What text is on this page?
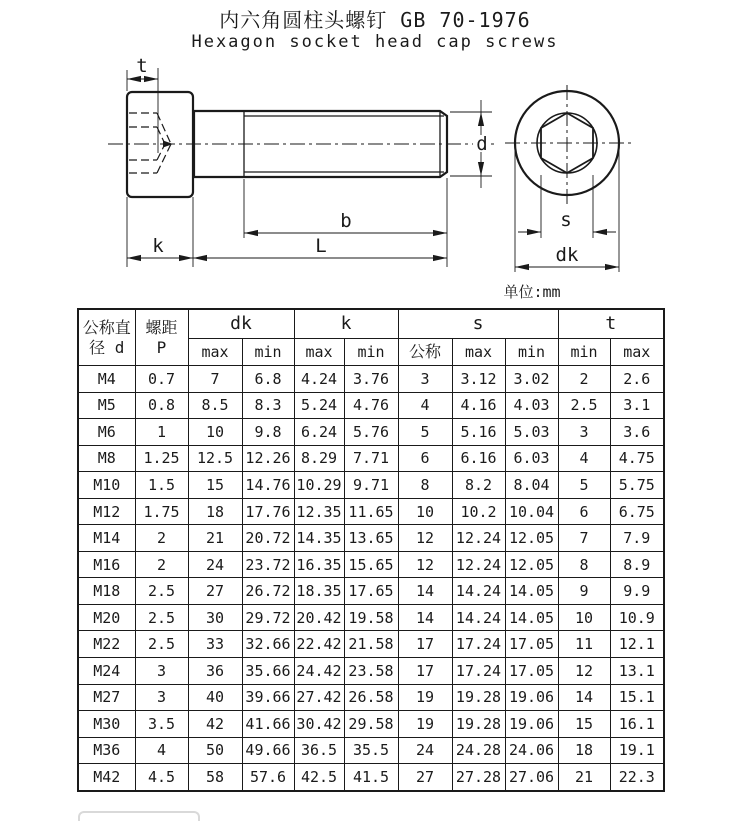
内六角圆柱头螺钉 GB 70-1976
Hexagon socket head cap screws
t
k	L
b
d
s
dk
单位:mm
公称直
径 d	螺距
P	dk		k		s			t	
		max	min	max	min	公称	max	min	min	max
M4	0.7	7	6.8	4.24	3.76	3	3.12	3.02	2	2.6
M5	0.8	8.5	8.3	5.24	4.76	4	4.16	4.03	2.5	3.1
M6	1	10	9.8	6.24	5.76	5	5.16	5.03	3	3.6
M8	1.25	12.5	12.26	8.29	7.71	6	6.16	6.03	4	4.75
M10	1.5	15	14.76	10.29	9.71	8	8.2	8.04	5	5.75
M12	1.75	18	17.76	12.35	11.65	10	10.2	10.04	6	6.75
M14	2	21	20.72	14.35	13.65	12	12.24	12.05	7	7.9
M16	2	24	23.72	16.35	15.65	12	12.24	12.05	8	8.9
M18	2.5	27	26.72	18.35	17.65	14	14.24	14.05	9	9.9
M20	2.5	30	29.72	20.42	19.58	14	14.24	14.05	10	10.9
M22	2.5	33	32.66	22.42	21.58	17	17.24	17.05	11	12.1
M24	3	36	35.66	24.42	23.58	17	17.24	17.05	12	13.1
M27	3	40	39.66	27.42	26.58	19	19.28	19.06	14	15.1
M30	3.5	42	41.66	30.42	29.58	19	19.28	19.06	15	16.1
M36	4	50	49.66	36.5	35.5	24	24.28	24.06	18	19.1
M42	4.5	58	57.6	42.5	41.5	27	27.28	27.06	21	22.3
